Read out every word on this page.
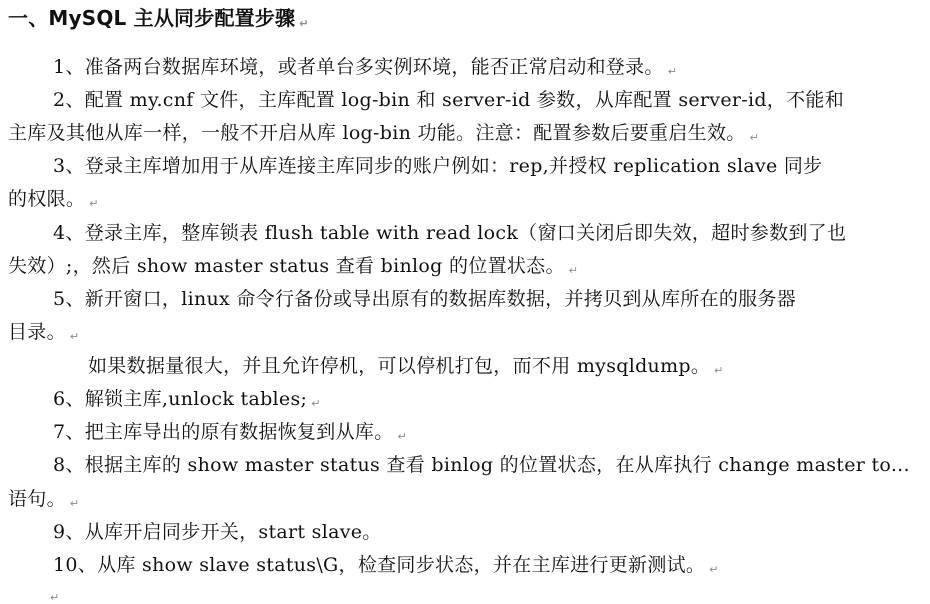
一、MySQL 主从同步配置步骤 ↵
1、准备两台数据库环境，或者单台多实例环境，能否正常启动和登录。 ↵
2、配置 my.cnf 文件，主库配置 log-bin 和 server-id 参数，从库配置 server-id，不能和
主库及其他从库一样，一般不开启从库 log-bin 功能。注意：配置参数后要重启生效。 ↵
3、登录主库增加用于从库连接主库同步的账户例如：rep,并授权 replication slave 同步
的权限。 ↵
4、登录主库，整库锁表 flush table with read lock（窗口关闭后即失效，超时参数到了也
失效）;，然后 show master status 查看 binlog 的位置状态。 ↵
5、新开窗口，linux 命令行备份或导出原有的数据库数据，并拷贝到从库所在的服务器
目录。 ↵
如果数据量很大，并且允许停机，可以停机打包，而不用 mysqldump。 ↵
6、解锁主库,unlock tables; ↵
7、把主库导出的原有数据恢复到从库。 ↵
8、根据主库的 show master status 查看 binlog 的位置状态，在从库执行 change master to...
语句。 ↵
9、从库开启同步开关，start slave。
10、从库 show slave status\G，检查同步状态，并在主库进行更新测试。 ↵
↵
